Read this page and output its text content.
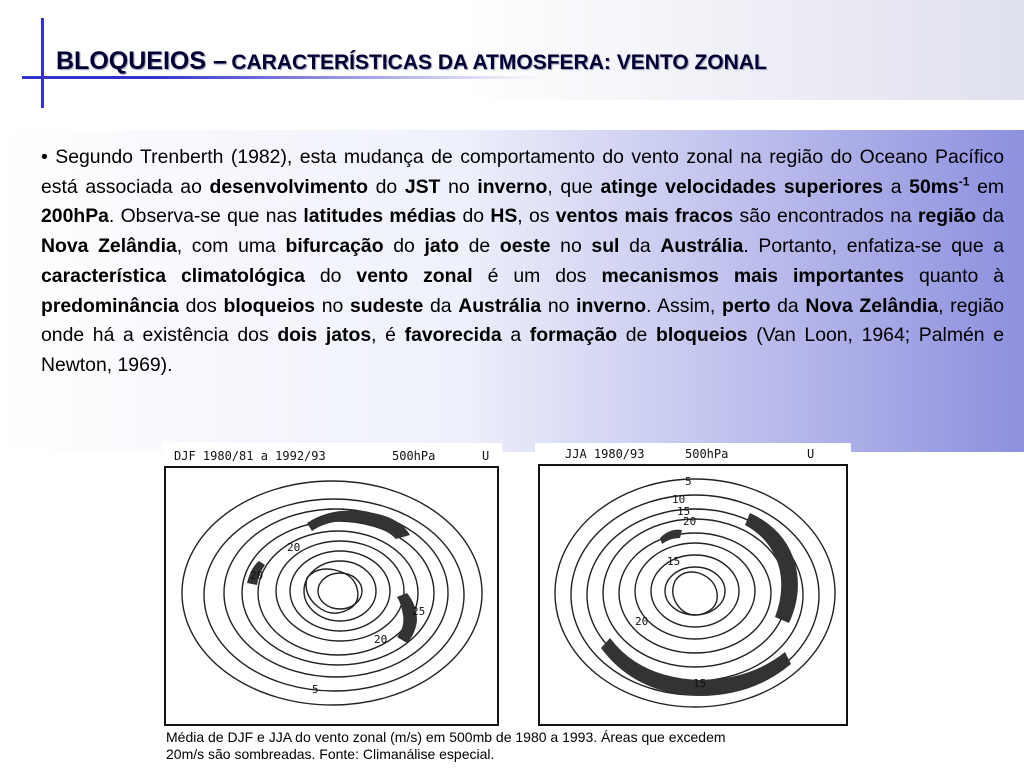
BLOQUEIOS – CARACTERÍSTICAS DA ATMOSFERA: VENTO ZONAL
• Segundo Trenberth (1982), esta mudança de comportamento do vento zonal na região do Oceano Pacífico está associada ao desenvolvimento do JST no inverno, que atinge velocidades superiores a $50ms^{-1}$ em 200hPa. Observa-se que nas latitudes médias do HS, os ventos mais fracos são encontrados na região da Nova Zelândia, com uma bifurcação do jato de oeste no sul da Austrália. Portanto, enfatiza-se que a característica climatológica do vento zonal é um dos mecanismos mais importantes quanto à predominância dos bloqueios no sudeste da Austrália no inverno. Assim, perto da Nova Zelândia, região onde há a existência dos dois jatos, é favorecida a formação de bloqueios (Van Loon, 1964; Palmén e Newton, 1969).
DJF 1980/81 a 1992/93	500hPa	U
20
20
25
20
5
JJA 1980/93	500hPa	U
5
10
15
20
15
20
15
Média de DJF e JJA do vento zonal (m/s) em 500mb de 1980 a 1993. Áreas que excedem
20m/s são sombreadas. Fonte: Climanálise especial.
